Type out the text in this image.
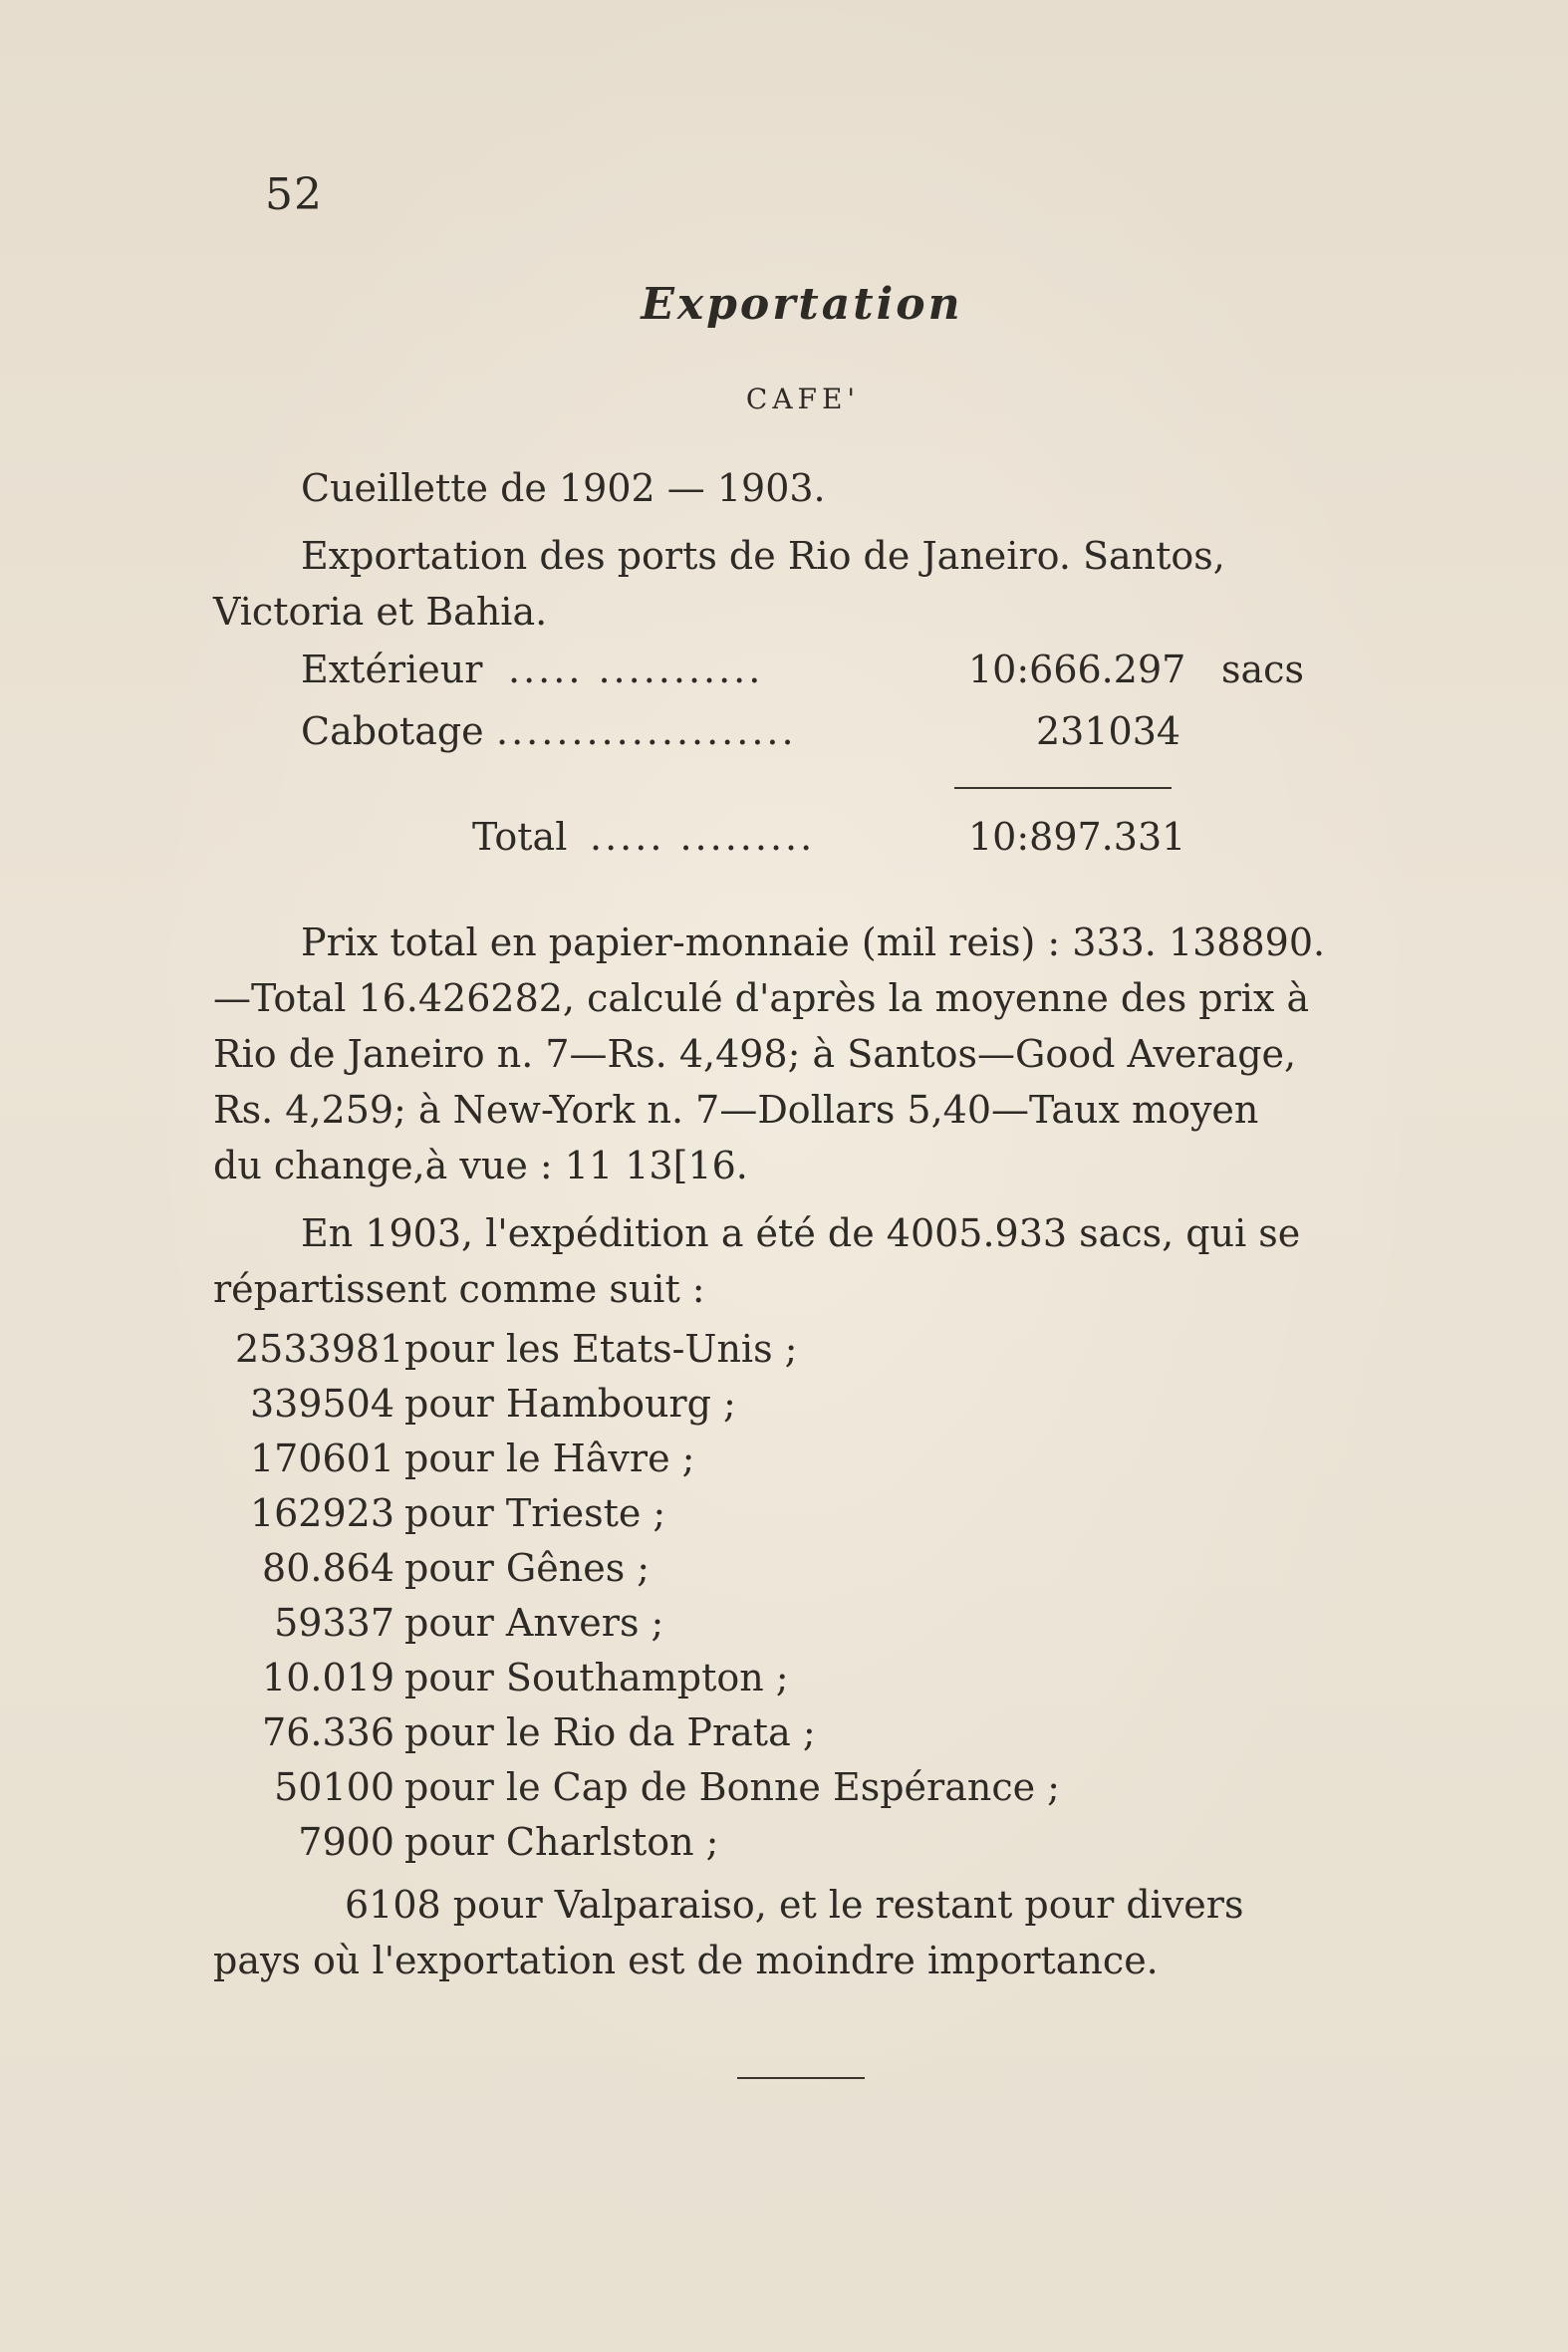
52
Exportation
CAFE'
Cueillette de 1902 — 1903.
Exportation des ports de Rio de Janeiro. Santos,
Victoria et Bahia.
Extérieur ..... ...........	10:666.297 sacs
Cabotage ....................	231034
Total ..... .........	10:897.331
Prix total en papier-monnaie (mil reis) : 333. 138890.
—Total 16.426282, calculé d'après la moyenne des prix à
Rio de Janeiro n. 7—Rs. 4,498; à Santos—Good Average,
Rs. 4,259; à New-York n. 7—Dollars 5,40—Taux moyen
du change,à vue : 11 13[16.
En 1903, l'expédition a été de 4005.933 sacs, qui se
répartissent comme suit :
2533981 pour les Etats-Unis ;
339504 pour Hambourg ;
170601 pour le Hâvre ;
162923 pour Trieste ;
80.864 pour Gênes ;
59337 pour Anvers ;
10.019 pour Southampton ;
76.336 pour le Rio da Prata ;
50100 pour le Cap de Bonne Espérance ;
7900 pour Charlston ;
6108 pour Valparaiso, et le restant pour divers
pays où l'exportation est de moindre importance.
